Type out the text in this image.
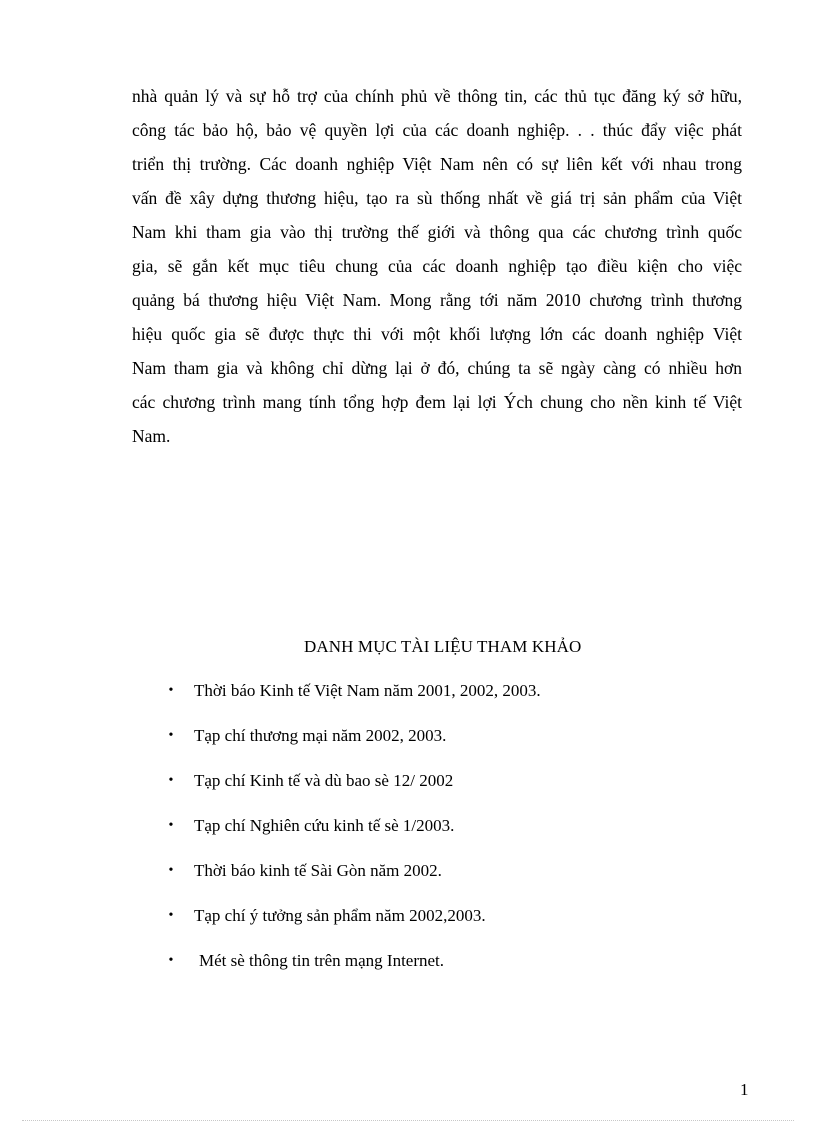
nhà quản lý và sự hỗ trợ của chính phủ về thông tin, các thủ tục đăng ký sở hữu,
công tác bảo hộ, bảo vệ quyền lợi của các doanh nghiệp. . . thúc đẩy việc phát
triển thị trường. Các doanh nghiệp Việt Nam nên có sự liên kết với nhau trong
vấn đề xây dựng thương hiệu, tạo ra sù thống nhất về giá trị sản phẩm của Việt
Nam khi tham gia vào thị trường thế giới và thông qua các chương trình quốc
gia, sẽ gắn kết mục tiêu chung của các doanh nghiệp tạo điều kiện cho việc
quảng bá thương hiệu Việt Nam. Mong rằng tới năm 2010 chương trình thương
hiệu quốc gia sẽ được thực thi với một khối lượng lớn các doanh nghiệp Việt
Nam tham gia và không chỉ dừng lại ở đó, chúng ta sẽ ngày càng có nhiều hơn
các chương trình mang tính tổng hợp đem lại lợi Ých chung cho nền kinh tế Việt
Nam.
DANH MỤC TÀI LIỆU THAM KHẢO
• Thời báo Kinh tế Việt Nam năm 2001, 2002, 2003.
• Tạp chí thương mại năm 2002, 2003.
• Tạp chí Kinh tế và dù bao sè 12/ 2002
• Tạp chí Nghiên cứu kinh tế sè 1/2003.
• Thời báo kinh tế Sài Gòn năm 2002.
• Tạp chí ý tưởng sản phẩm năm 2002,2003.
• Mét sè thông tin trên mạng Internet.
1
